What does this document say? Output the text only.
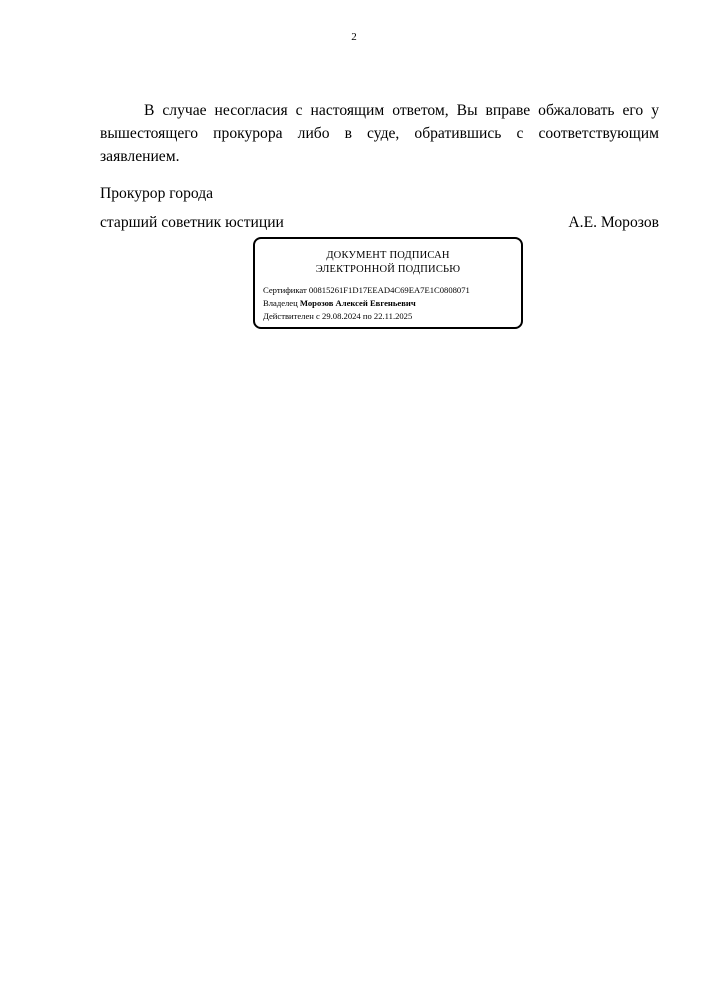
2

В случае несогласия с настоящим ответом, Вы вправе обжаловать его у вышестоящего прокурора либо в суде, обратившись с соответствующим заявлением.

Прокурор города
старший советник юстиции	А.Е. Морозов
ДОКУМЕНТ ПОДПИСАН
ЭЛЕКТРОННОЙ ПОДПИСЬЮ
Сертификат 00815261F1D17EEAD4C69EA7E1C0808071
Владелец Морозов Алексей Евгеньевич
Действителен с 29.08.2024 по 22.11.2025
